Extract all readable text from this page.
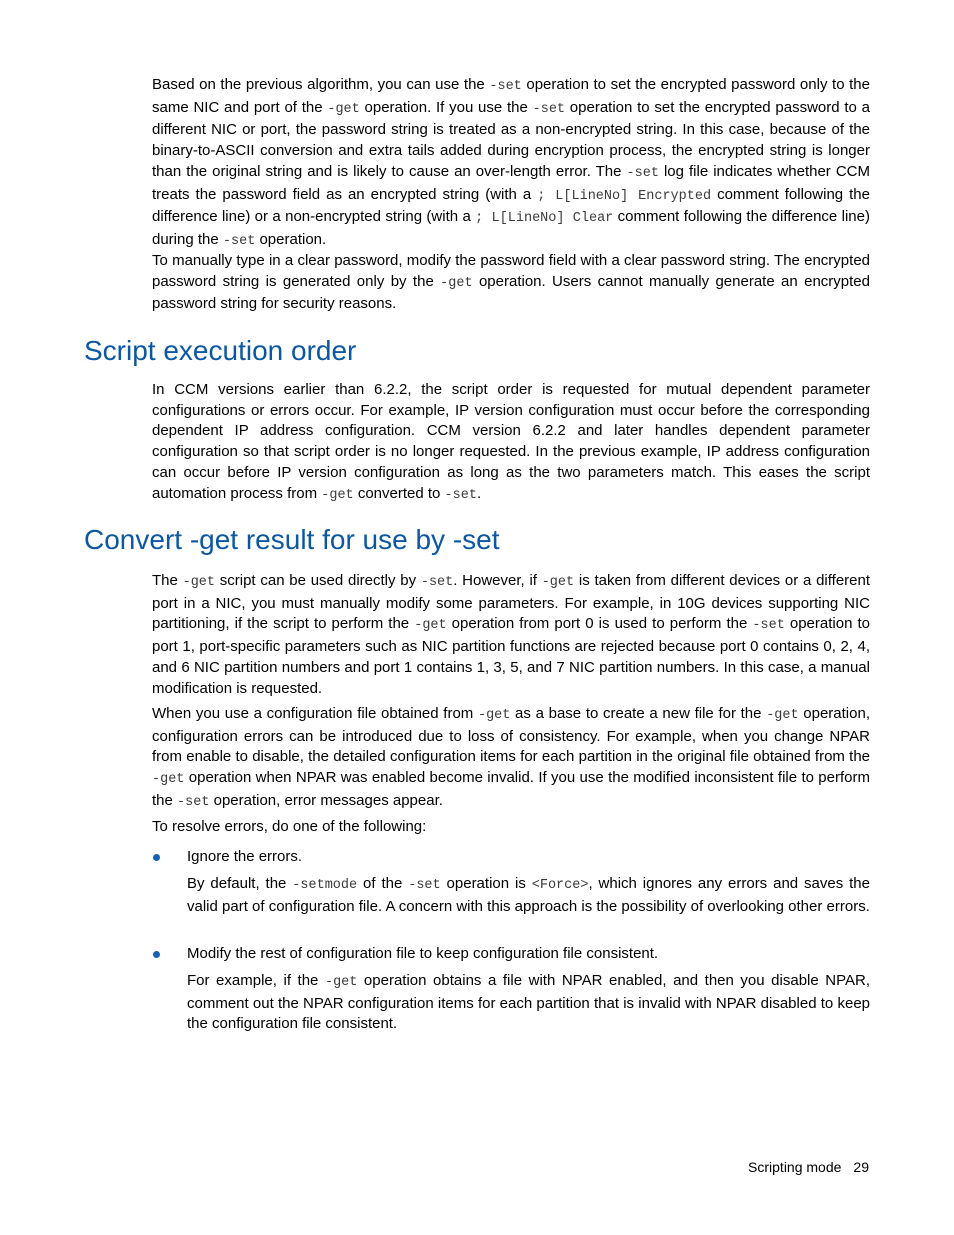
Based on the previous algorithm, you can use the -set operation to set the encrypted password only to the same NIC and port of the -get operation. If you use the -set operation to set the encrypted password to a different NIC or port, the password string is treated as a non-encrypted string. In this case, because of the binary-to-ASCII conversion and extra tails added during encryption process, the encrypted string is longer than the original string and is likely to cause an over-length error. The -set log file indicates whether CCM treats the password field as an encrypted string (with a ; L[LineNo] Encrypted comment following the difference line) or a non-encrypted string (with a ; L[LineNo] Clear comment following the difference line) during the -set operation.

To manually type in a clear password, modify the password field with a clear password string. The encrypted password string is generated only by the -get operation. Users cannot manually generate an encrypted password string for security reasons.

Script execution order

In CCM versions earlier than 6.2.2, the script order is requested for mutual dependent parameter configurations or errors occur. For example, IP version configuration must occur before the corresponding dependent IP address configuration. CCM version 6.2.2 and later handles dependent parameter configuration so that script order is no longer requested. In the previous example, IP address configuration can occur before IP version configuration as long as the two parameters match. This eases the script automation process from -get converted to -set.

Convert -get result for use by -set

The -get script can be used directly by -set. However, if -get is taken from different devices or a different port in a NIC, you must manually modify some parameters. For example, in 10G devices supporting NIC partitioning, if the script to perform the -get operation from port 0 is used to perform the -set operation to port 1, port-specific parameters such as NIC partition functions are rejected because port 0 contains 0, 2, 4, and 6 NIC partition numbers and port 1 contains 1, 3, 5, and 7 NIC partition numbers. In this case, a manual modification is requested.

When you use a configuration file obtained from -get as a base to create a new file for the -get operation, configuration errors can be introduced due to loss of consistency. For example, when you change NPAR from enable to disable, the detailed configuration items for each partition in the original file obtained from the -get operation when NPAR was enabled become invalid. If you use the modified inconsistent file to perform the -set operation, error messages appear.

To resolve errors, do one of the following:

Ignore the errors.

By default, the -setmode of the -set operation is <Force>, which ignores any errors and saves the valid part of configuration file. A concern with this approach is the possibility of overlooking other errors.

Modify the rest of configuration file to keep configuration file consistent.

For example, if the -get operation obtains a file with NPAR enabled, and then you disable NPAR, comment out the NPAR configuration items for each partition that is invalid with NPAR disabled to keep the configuration file consistent.

Scripting mode 29
